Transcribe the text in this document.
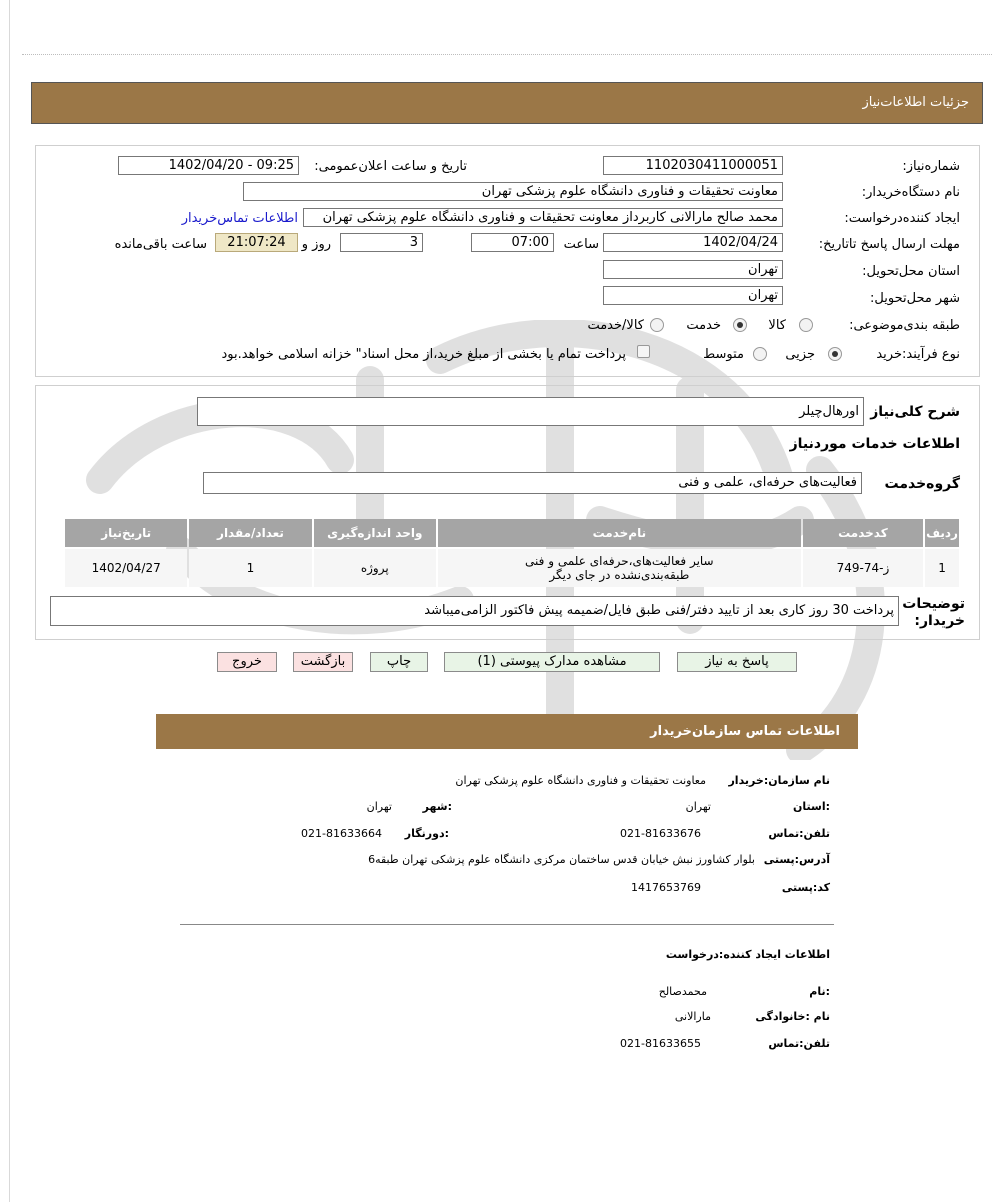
جزئیات اطلاعات‌نیاز
شماره‌نیاز:
1102030411000051
تاریخ و ساعت اعلان‌عمومی:
1402/04/20 - 09:25
نام دستگاه‌خریدار:
معاونت تحقیقات و فناوری دانشگاه علوم پزشکی تهران
ایجاد کننده‌درخواست:
محمد صالح مارالانی کاربرداز معاونت تحقیقات و فناوری دانشگاه علوم پزشکی تهران
اطلاعات تماس‌خریدار
مهلت ارسال پاسخ تا‌تاریخ:
1402/04/24
ساعت
07:00
3
روز و
21:07:24
ساعت باقی‌مانده
استان محل‌تحویل:
تهران
شهر محل‌تحویل:
تهران
طبقه بندی‌موضوعی:
کالا
خدمت
کالا/خدمت
نوع فرآیند:
خرید
جزیی
متوسط
پرداخت تمام یا بخشی از مبلغ خرید،از محل اسناد" خزانه اسلامی خواهد.بود
شرح کلی‌نیاز
اورهال‌چیلر
اطلاعات خدمات موردنیاز
گروه‌خدمت
فعالیت‌های حرفه‌ای، علمی و فنی
ردیف	کدخدمت	نام‌خدمت	واحد اندازه‌گیری	تعداد/مقدار	تاریخ‌نیاز
1	ز-74-749	سایر فعالیت‌های،حرفه‌ای علمی و فنی
طبقه‌بندی‌نشده در جای دیگر	پروژه	1	1402/04/27
توضیحات خریدار:
پرداخت 30 روز کاری بعد از تایید دفتر/فنی طبق فایل/ضمیمه پیش فاکتور الزامی‌میباشد
پاسخ به نیاز
مشاهده مدارک پیوستی (1)
چاپ
بازگشت
خروج
اطلاعات تماس سازمان‌خریدار
نام سازمان:خریدار
معاونت تحقیقات و فناوری دانشگاه علوم پزشکی تهران
:استان
تهران
:شهر
تهران
تلفن:تماس
021-81633676
:دورنگار
021-81633664
آدرس:پستی
بلوار کشاورز نبش خیابان قدس ساختمان مرکزی دانشگاه علوم پزشکی تهران طبقه6
کد:پستی
1417653769
اطلاعات ایجاد کننده:درخواست
:نام
محمدصالح
نام :خانوادگی
مارالانی
تلفن:تماس
021-81633655
